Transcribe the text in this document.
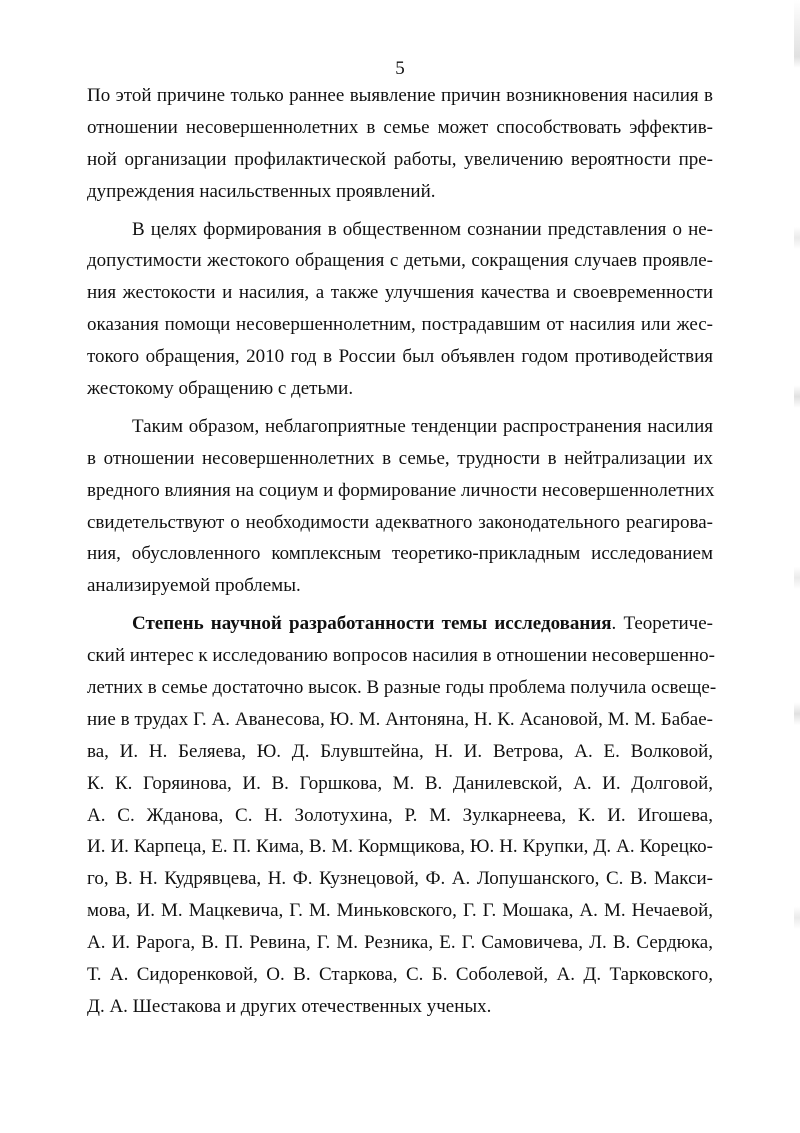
5
По этой причине только раннее выявление причин возникновения насилия в
отношении несовершеннолетних в семье может способствовать эффектив-
ной организации профилактической работы, увеличению вероятности пре-
дупреждения насильственных проявлений.
В целях формирования в общественном сознании представления о не-
допустимости жестокого обращения с детьми, сокращения случаев проявле-
ния жестокости и насилия, а также улучшения качества и своевременности
оказания помощи несовершеннолетним, пострадавшим от насилия или жес-
токого обращения, 2010 год в России был объявлен годом противодействия
жестокому обращению с детьми.
Таким образом, неблагоприятные тенденции распространения насилия
в отношении несовершеннолетних в семье, трудности в нейтрализации их
вредного влияния на социум и формирование личности несовершеннолетних
свидетельствуют о необходимости адекватного законодательного реагирова-
ния, обусловленного комплексным теоретико-прикладным исследованием
анализируемой проблемы.
Степень научной разработанности темы исследования. Теоретиче-
ский интерес к исследованию вопросов насилия в отношении несовершенно-
летних в семье достаточно высок. В разные годы проблема получила освеще-
ние в трудах Г. А. Аванесова, Ю. М. Антоняна, Н. К. Асановой, М. М. Бабае-
ва, И. Н. Беляева, Ю. Д. Блувштейна, Н. И. Ветрова, А. Е. Волковой,
К. К. Горяинова, И. В. Горшкова, М. В. Данилевской, А. И. Долговой,
А. С. Жданова, С. Н. Золотухина, Р. М. Зулкарнеева, К. И. Игошева,
И. И. Карпеца, Е. П. Кима, В. М. Кормщикова, Ю. Н. Крупки, Д. А. Корецко-
го, В. Н. Кудрявцева, Н. Ф. Кузнецовой, Ф. А. Лопушанского, С. В. Макси-
мова, И. М. Мацкевича, Г. М. Миньковского, Г. Г. Мошака, А. М. Нечаевой,
А. И. Рарога, В. П. Ревина, Г. М. Резника, Е. Г. Самовичева, Л. В. Сердюка,
Т. А. Сидоренковой, О. В. Старкова, С. Б. Соболевой, А. Д. Тарковского,
Д. А. Шестакова и других отечественных ученых.
